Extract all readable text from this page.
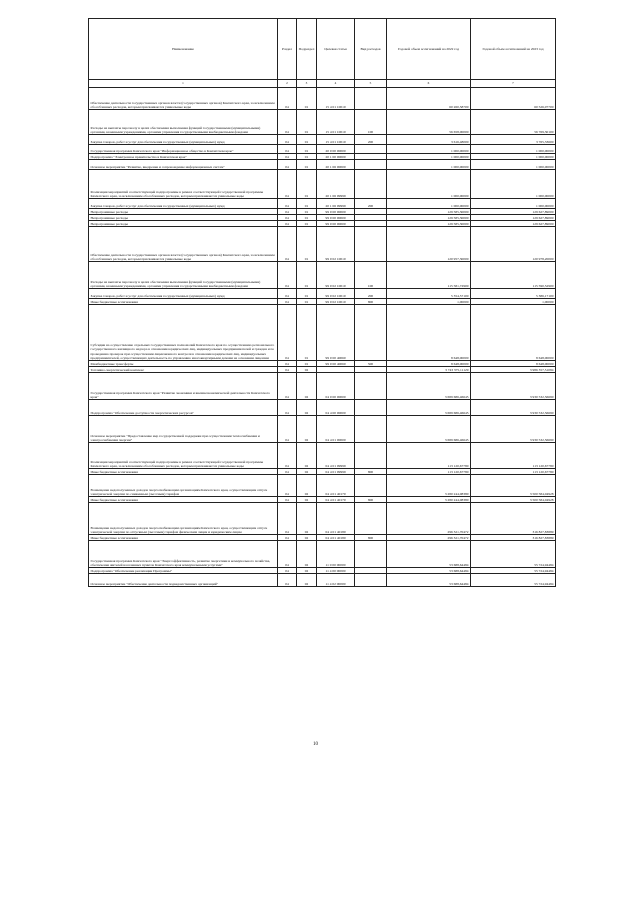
Наименование	Раздел	Подраздел	Целевая статья	Вид расходов	Годовой объем ассигнований на 2022 год	Годовой объем ассигнований на 2023 год
1	2	3	4	5	6	7
Обеспечение деятельности государственных органов власти (государственных органов) Камчатского края, за исключением обособленных расходов, которым присваиваются уникальные коды	04	01	15 4 01 10010		60 260,58700	60 526,07700
Расходы на выплаты персоналу в целях обеспечения выполнения функций государственными (муниципальными) органами, казенными учреждениями, органами управления государственными внебюджетными фондами	04	01	15 4 01 10010	100	56 658,00000	56 769,30100
Закупка товаров, работ и услуг для обеспечения государственных (муниципальных) нужд	04	01	15 4 01 10010	200	3 616,48000	3 765,33600
Государственная программа Камчатского края "Информационное общество в Камчатском крае"	04	01	20 0 00 00000		1 000,00000	1 000,00000
Подпрограмма "Электронное правительство в Камчатском крае"	04	01	20 1 00 00000		1 000,00000	1 000,00000
Основное мероприятие "Развитие, внедрение и сопровождение информационных систем"	04	01	20 1 06 00000		1 000,00000	1 000,00000
Реализация мероприятий соответствующей подпрограммы в рамках соответствующей государственной программы Камчатского края, за исключением обособленных расходов, которым присваиваются уникальные коды	04	01	20 1 06 09999		1 000,00000	1 000,00000
Закупка товаров, работ и услуг для обеспечения государственных (муниципальных) нужд	04	01	20 1 06 09999	200	1 000,00000	1 000,00000
Непрограммные расходы	04	01	99 0 00 00000		129 585,30000	129 627,89000
Непрограммные расходы	04	01	99 0 00 00000		129 585,30000	129 627,89000
Непрограммные расходы	04	01	99 0 00 00000		129 585,30000	129 627,89000
Обеспечение деятельности государственных органов власти (государственных органов) Камчатского края, за исключением обособленных расходов, которым присваиваются уникальные коды	04	01	99 0 02 10010		120 957,30000	120 978,20000
Расходы на выплаты персоналу в целях обеспечения выполнения функций государственными (муниципальными) органами, казенными учреждениями, органами управления государственными внебюджетными фондами	04	01	99 0 02 10010	100	115 581,72900	115 590,52900
Закупка товаров, работ и услуг для обеспечения государственных (муниципальных) нужд	04	01	99 0 02 10010	200	5 354,57100	5 386,17100
Иные бюджетные ассигнования	04	01	99 0 02 10010	800	1,00000	1,00000
Субсидии на осуществление отдельных государственных полномочий Камчатского края по осуществлению регионального государственного жилищного надзора в отношении юридических лиц, индивидуальных предпринимателей и граждан и по проведению проверок при осуществлении лицензионного контроля в отношении юридических лиц, индивидуальных предпринимателей, осуществляющих деятельность по управлению многоквартирными домами на основании лицензии	04	01	99 0 00 40060		8 648,00000	8 648,00000
Межбюджетные трансферты	04	01	99 0 00 40060	500	8 648,00000	8 648,00000
Топливно-энергетический комплекс	04	02			3 743 375,11129	3 986 357,51084
Государственная программа Камчатского края "Развитие экономики и внешнеэкономической деятельности Камчатского края"	04	02	04 0 00 00000		3 689 686,46645	3 930 532,56690
Подпрограмма "Обеспечение доступности энергетических ресурсов"	04	02	04 4 00 00000		3 689 686,46645	3 930 532,56690
Основное мероприятие "Предоставление мер государственной поддержки при осуществлении теплоснабжения и электроснабжения энергии"	04	02	04 4 01 00000		3 689 686,46645	3 930 532,56690
Реализация мероприятий соответствующей подпрограммы в рамках соответствующей государственной программы Камчатского края, за исключением обособленных расходов, которым присваиваются уникальные коды	04	02	04 4 01 09999		113 120,67780	113 120,67780
Иные бюджетные ассигнования	04	02	04 4 01 09999	800	113 120,67780	113 120,67780
Возмещение недополученных доходов энергоснабжающим организациям Камчатского края, осуществляющим отпуск электрической энергии по сниженным (льготным) тарифам	04	02	04 4 01 40170		3 280 244,08380	3 500 584,04928
Иные бюджетные ассигнования	04	02	04 4 01 40170	800	3 280 244,08380	3 500 584,04928
Возмещение недополученных доходов энергоснабжающим организациям Камчатского края, осуществляющим отпуск электрической энергии по отпускным (льготным) тарифам физическим лицам и юридическим лицам	04	02	04 4 01 40180		296 321,70472	316 827,83889
Иные бюджетные ассигнования	04	02	04 4 01 40180	800	296 321,70472	316 827,83889
Государственная программа Камчатского края "Энергоэффективность, развитие энергетики и коммунального хозяйства, обеспечение жителей населенных пунктов Камчатского края коммунальными услугами"	04	02	11 0 00 00000		53 688,64484	55 724,94484
Подпрограмма "Обеспечение реализации Программы"	04	02	11 4 00 00000		53 688,64484	55 724,94484
Основное мероприятие "Обеспечение деятельности подведомственных организаций"	04	02	11 4 02 00000		53 688,64484	55 724,94484
10
